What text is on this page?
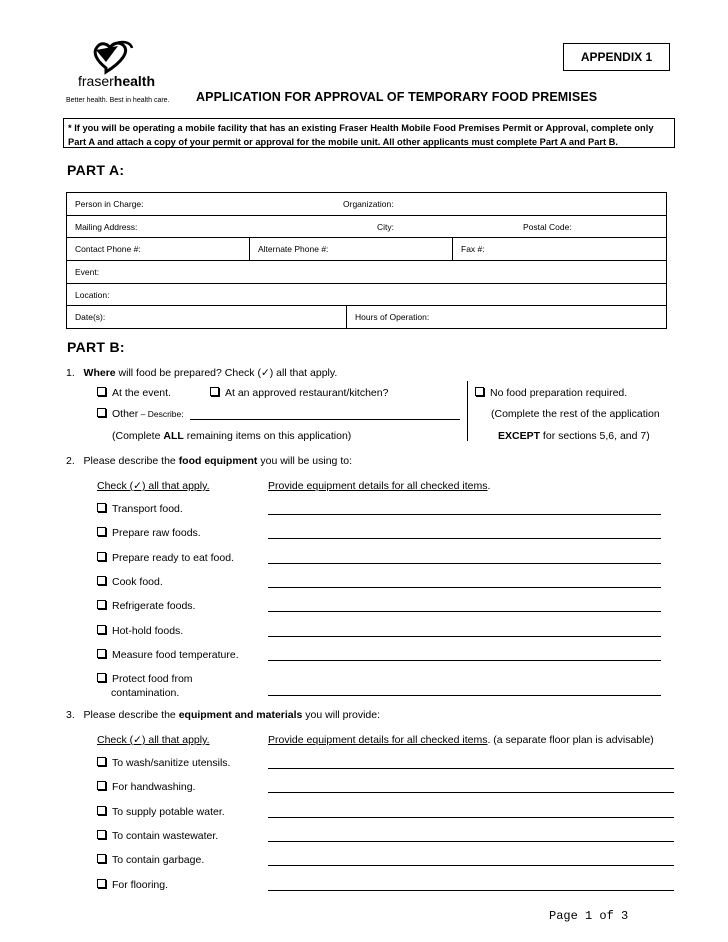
fraserhealth
Better health. Best in health care.
APPENDIX 1
APPLICATION FOR APPROVAL OF TEMPORARY FOOD PREMISES
* If you will be operating a mobile facility that has an existing Fraser Health Mobile Food Premises Permit or Approval, complete only Part A and attach a copy of your permit or approval for the mobile unit. All other applicants must complete Part A and Part B.
PART A:
Person in Charge:	Organization:
Mailing Address:	City:	Postal Code:
Contact Phone #:	Alternate Phone #:	Fax #:
Event:
Location:
Date(s):	Hours of Operation:
PART B:
1. Where will food be prepared? Check (✓) all that apply.
At the event.	At an approved restaurant/kitchen?
Other – Describe:
(Complete ALL remaining items on this application)
No food preparation required.
(Complete the rest of the application
EXCEPT for sections 5,6, and 7)
2. Please describe the food equipment you will be using to:
Check (✓) all that apply.	Provide equipment details for all checked items.
Transport food.
Prepare raw foods.
Prepare ready to eat food.
Cook food.
Refrigerate foods.
Hot-hold foods.
Measure food temperature.
Protect food from
contamination.
3. Please describe the equipment and materials you will provide:
Check (✓) all that apply.	Provide equipment details for all checked items. (a separate floor plan is advisable)
To wash/sanitize utensils.
For handwashing.
To supply potable water.
To contain wastewater.
To contain garbage.
For flooring.
Page 1 of 3
